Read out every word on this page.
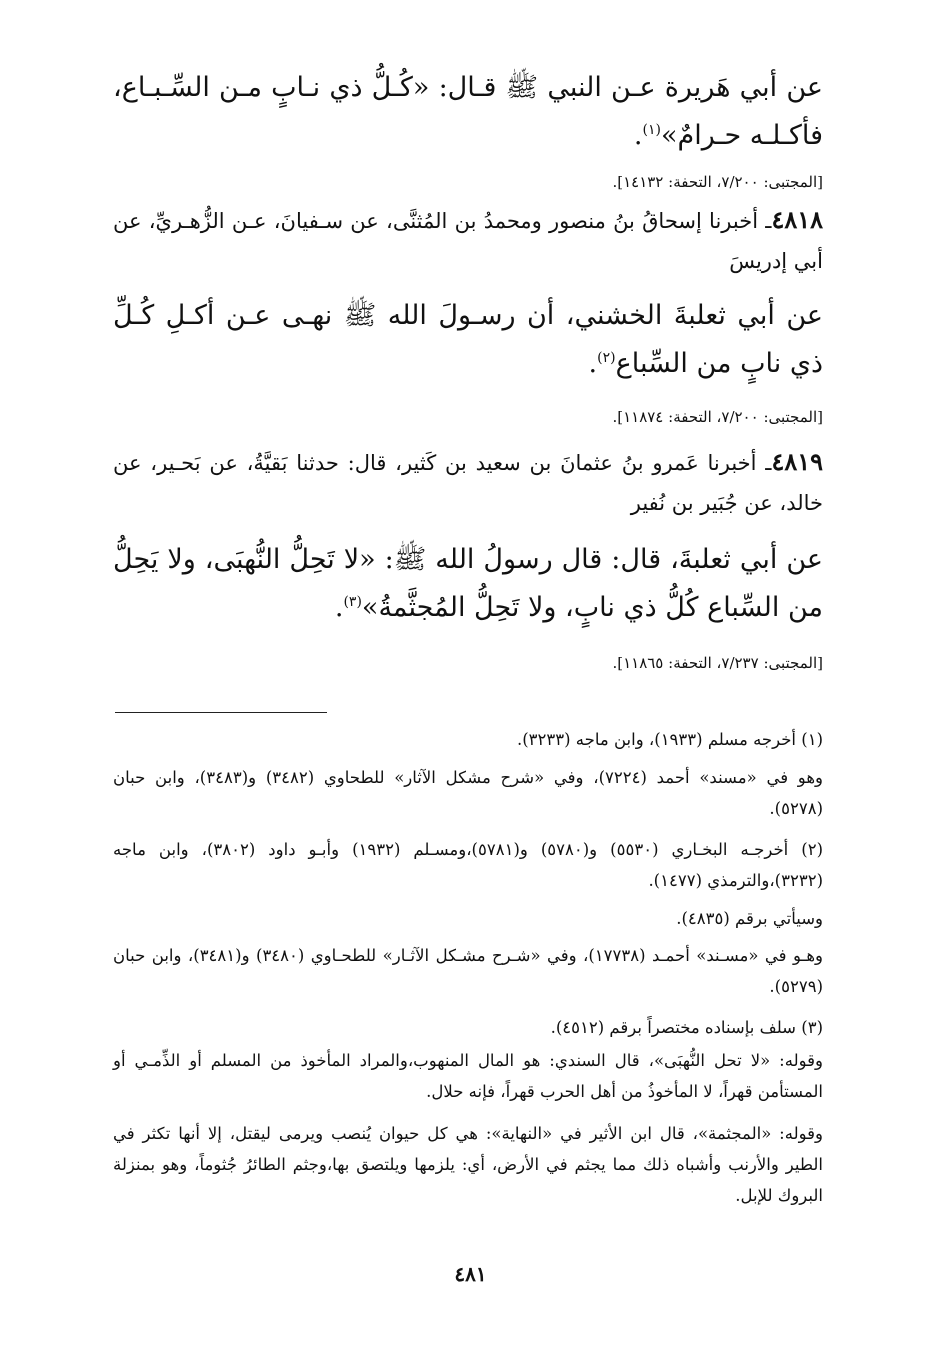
عن أبي هَريرة عـن النبي ﷺ قـال: «كُـلُّ ذي نـابٍ مـن السِّـبـاع، فأكـلـه حـرامٌ»$^{(١)}$.
[المجتبى: ٧/٢٠٠، التحفة: ١٤١٣٢].
٤٨١٨ـ أخبرنا إسحاقُ بنُ منصور ومحمدُ بن المُثنَّى، عن سـفيانَ، عـن الزُّهـريِّ، عن أبي إدريسَ
عن أبي ثعلبةَ الخشني، أن رسـولَ الله ﷺ نهـى عـن أكـلِ كُـلِّ ذي نابٍ من السِّباع$^{(٢)}$.
[المجتبى: ٧/٢٠٠، التحفة: ١١٨٧٤].
٤٨١٩ـ أخبرنا عَمرو بنُ عثمانَ بن سعيد بن كَثير، قال: حدثنا بَقيَّةُ، عن بَحـير، عن خالد، عن جُبَير بن نُفير
عن أبي ثعلبةَ، قال: قال رسولُ الله ﷺ: «لا تَحِلُّ النُّهبَى، ولا يَحِلُّ من السِّباع كُلُّ ذي نابٍ، ولا تَحِلُّ المُجثَّمةُ»$^{(٣)}$.
[المجتبى: ٧/٢٣٧، التحفة: ١١٨٦٥].
(١) أخرجه مسلم (١٩٣٣)، وابن ماجه (٣٢٣٣).
وهو في «مسند» أحمد (٧٢٢٤)، وفي «شرح مشكل الآثار» للطحاوي (٣٤٨٢) و(٣٤٨٣)، وابن حبان (٥٢٧٨).
(٢) أخرجـه البخـاري (٥٥٣٠) و(٥٧٨٠) و(٥٧٨١)،ومسـلم (١٩٣٢) وأبـو داود (٣٨٠٢)، وابن ماجه (٣٢٣٢)،والترمذي (١٤٧٧).
وسيأتي برقم (٤٨٣٥).
وهـو في «مسـند» أحمـد (١٧٧٣٨)، وفي «شـرح مشـكل الآثـار» للطحـاوي (٣٤٨٠) و(٣٤٨١)، وابن حبان (٥٢٧٩).
(٣) سلف بإسناده مختصراً برقم (٤٥١٢).
وقوله: «لا تحل النُّهبَى»، قال السندي: هو المال المنهوب،والمراد المأخوذ من المسلم أو الذِّمـي أو المستأمن قهراً، لا المأخوذُ من أهل الحرب قهراً، فإنه حلال.
وقوله: «المجثمة»، قال ابن الأثير في «النهاية»: هي كل حيوان يُنصب ويرمى ليقتل، إلا أنها تكثر في الطير والأرنب وأشباه ذلك مما يجثم في الأرض، أي: يلزمها ويلتصق بها،وجثم الطائرُ جُثوماً، وهو بمنزلة البروك للإبل.
٤٨١
